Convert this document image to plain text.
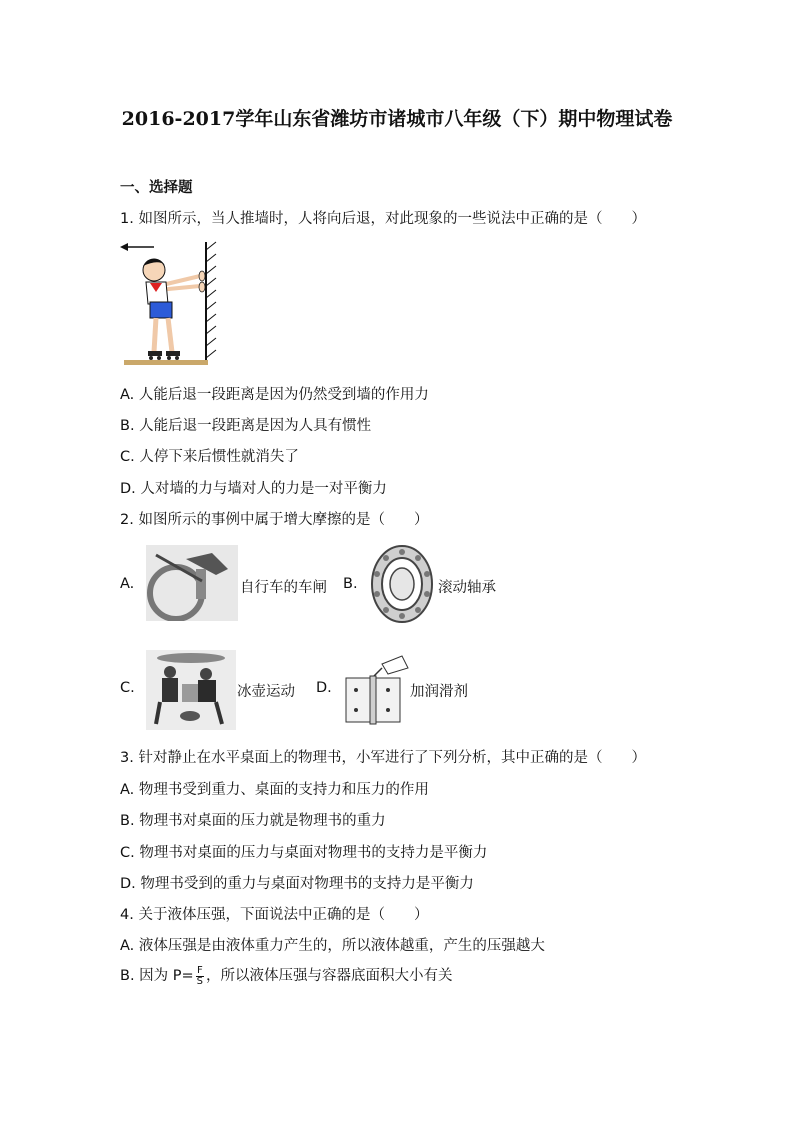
2016-2017学年山东省潍坊市诸城市八年级（下）期中物理试卷
一、选择题
1. 如图所示，当人推墙时，人将向后退，对此现象的一些说法中正确的是（　　）
A. 人能后退一段距离是因为仍然受到墙的作用力
B. 人能后退一段距离是因为人具有惯性
C. 人停下来后惯性就消失了
D. 人对墙的力与墙对人的力是一对平衡力
2. 如图所示的事例中属于增大摩擦的是（　　）
A.	自行车的车闸 B.	滚动轴承
C.	冰壶运动 D.	加润滑剂
3. 针对静止在水平桌面上的物理书，小军进行了下列分析，其中正确的是（　　）
A. 物理书受到重力、桌面的支持力和压力的作用
B. 物理书对桌面的压力就是物理书的重力
C. 物理书对桌面的压力与桌面对物理书的支持力是平衡力
D. 物理书受到的重力与桌面对物理书的支持力是平衡力
4. 关于液体压强，下面说法中正确的是（　　）
A. 液体压强是由液体重力产生的，所以液体越重，产生的压强越大
B. 因为 $P= \frac{F}{S}$ ，所以液体压强与容器底面积大小有关
